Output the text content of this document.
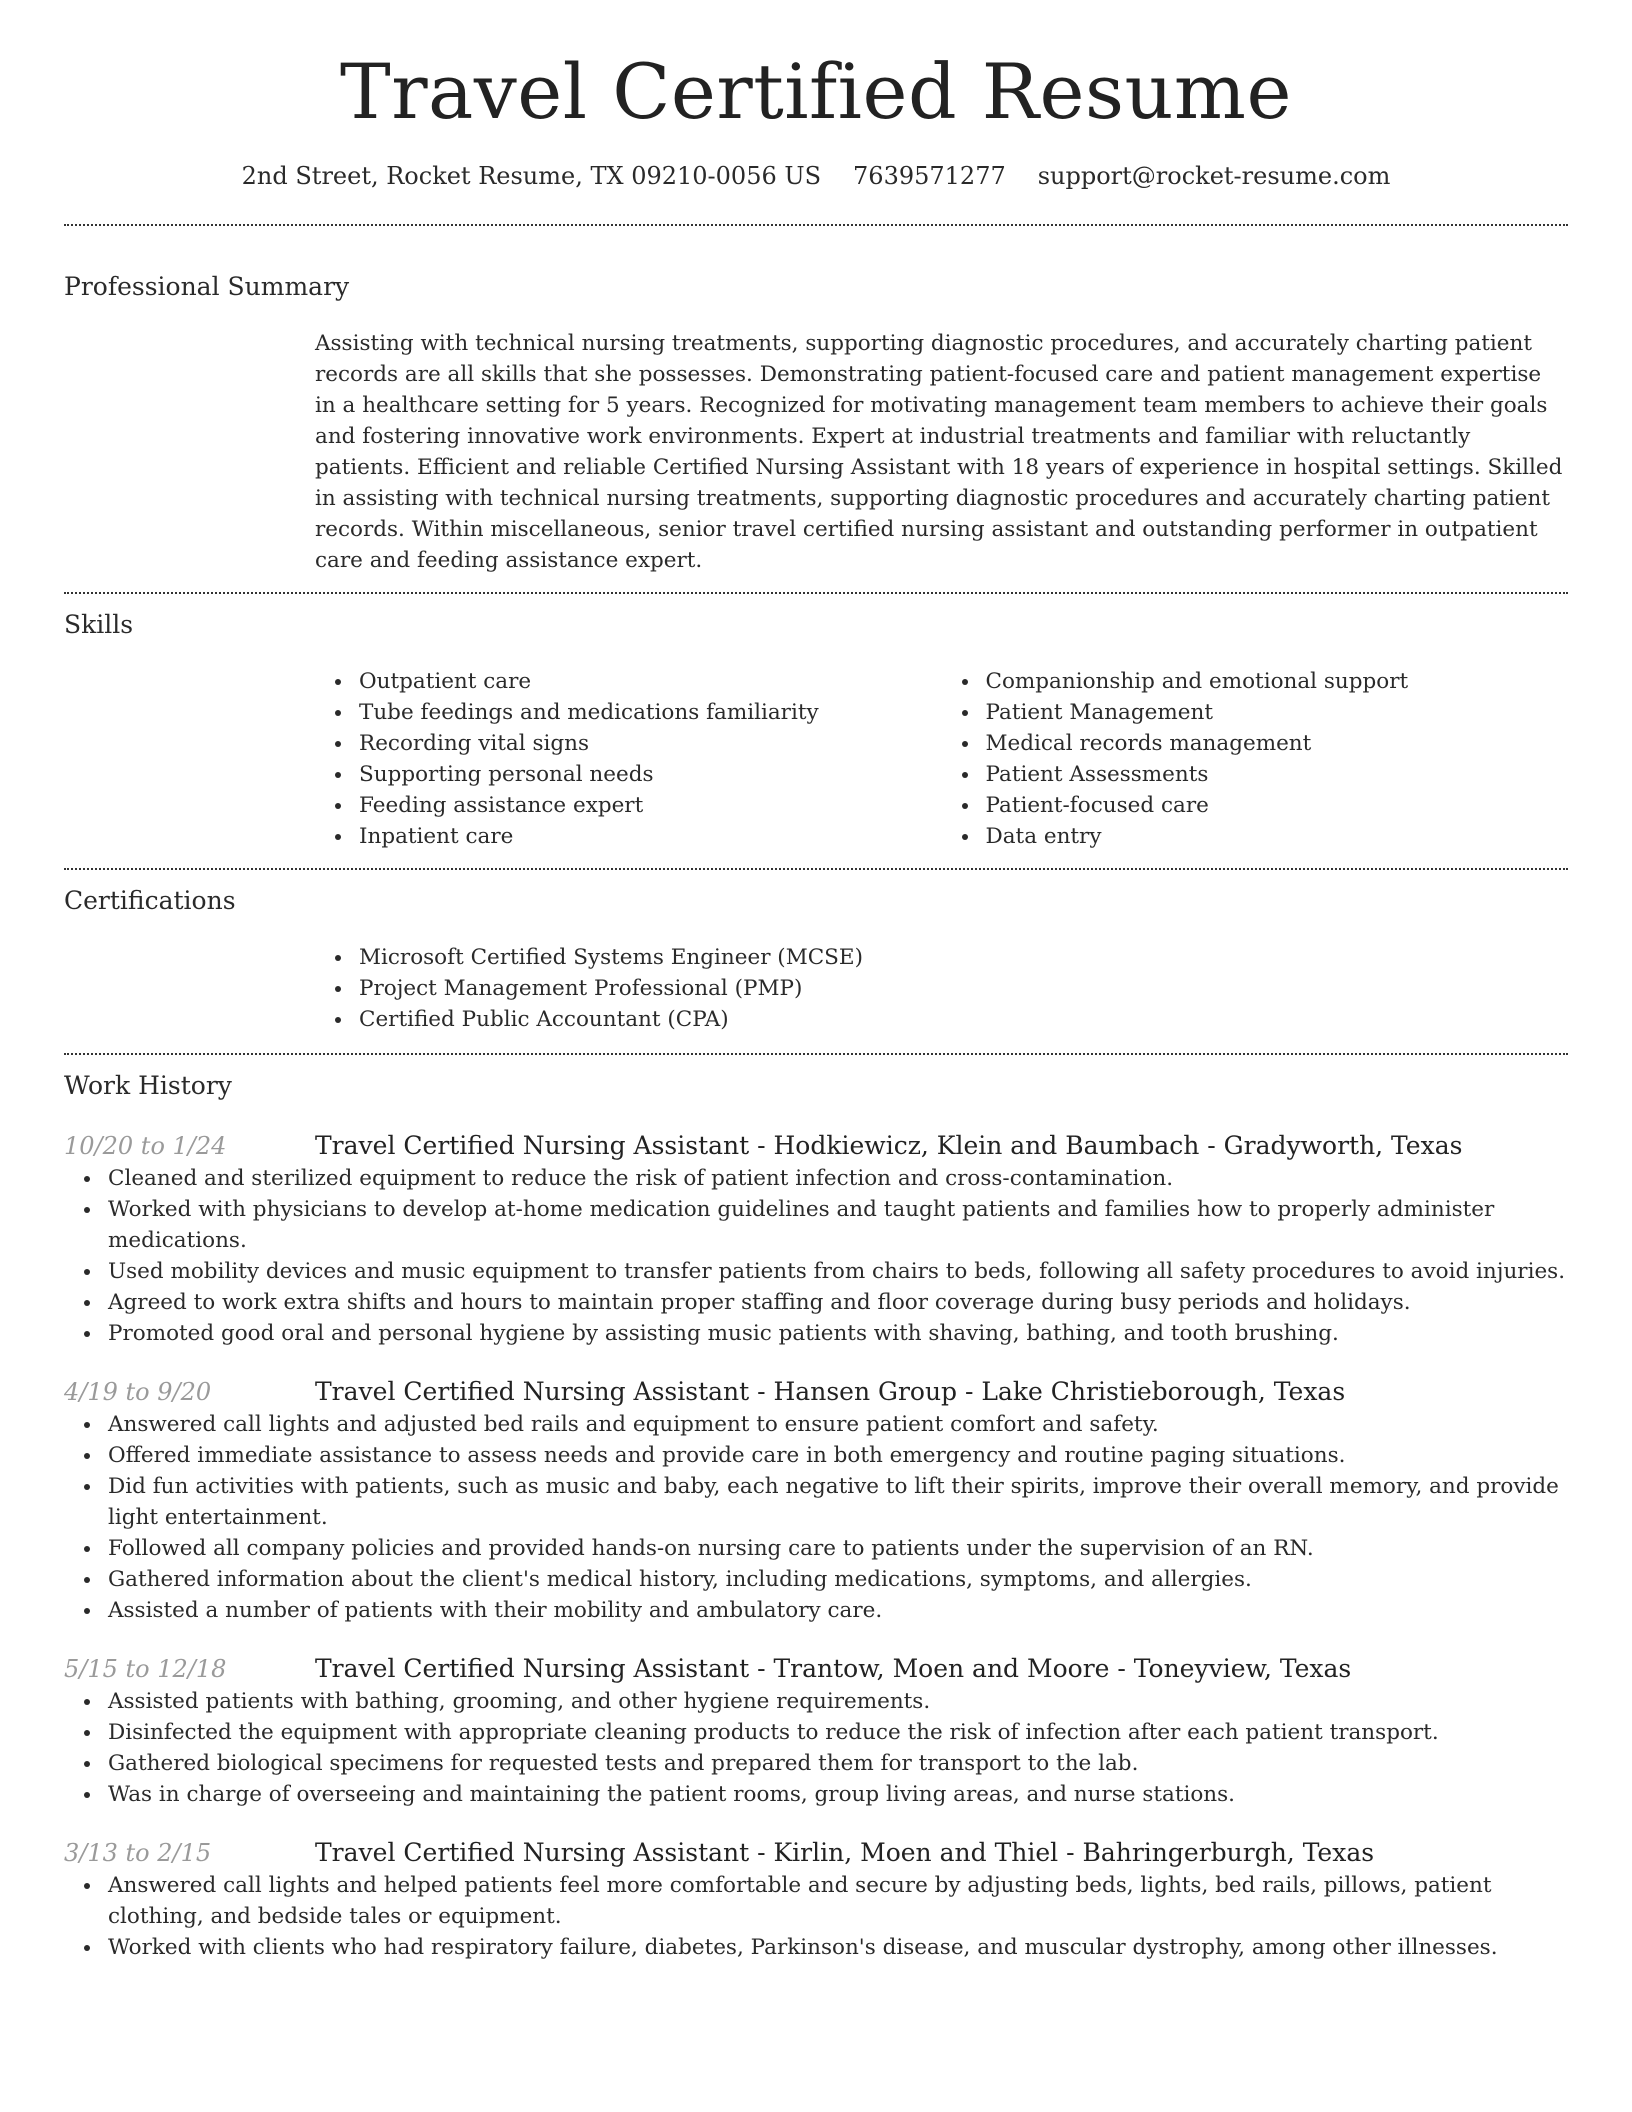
Travel Certified Resume
2nd Street, Rocket Resume, TX 09210-0056 US 7639571277 support@rocket-resume.com
Professional Summary
Assisting with technical nursing treatments, supporting diagnostic procedures, and accurately charting patient records are all skills that she possesses. Demonstrating patient-focused care and patient management expertise in a healthcare setting for 5 years. Recognized for motivating management team members to achieve their goals and fostering innovative work environments. Expert at industrial treatments and familiar with reluctantly patients. Efficient and reliable Certified Nursing Assistant with 18 years of experience in hospital settings. Skilled in assisting with technical nursing treatments, supporting diagnostic procedures and accurately charting patient records. Within miscellaneous, senior travel certified nursing assistant and outstanding performer in outpatient care and feeding assistance expert.
Skills
Outpatient care
Tube feedings and medications familiarity
Recording vital signs
Supporting personal needs
Feeding assistance expert
Inpatient care
Companionship and emotional support
Patient Management
Medical records management
Patient Assessments
Patient-focused care
Data entry
Certifications
Microsoft Certified Systems Engineer (MCSE)
Project Management Professional (PMP)
Certified Public Accountant (CPA)
Work History
10/20 to 1/24	Travel Certified Nursing Assistant - Hodkiewicz, Klein and Baumbach - Gradyworth, Texas
Cleaned and sterilized equipment to reduce the risk of patient infection and cross-contamination.
Worked with physicians to develop at-home medication guidelines and taught patients and families how to properly administer medications.
Used mobility devices and music equipment to transfer patients from chairs to beds, following all safety procedures to avoid injuries.
Agreed to work extra shifts and hours to maintain proper staffing and floor coverage during busy periods and holidays.
Promoted good oral and personal hygiene by assisting music patients with shaving, bathing, and tooth brushing.
4/19 to 9/20	Travel Certified Nursing Assistant - Hansen Group - Lake Christieborough, Texas
Answered call lights and adjusted bed rails and equipment to ensure patient comfort and safety.
Offered immediate assistance to assess needs and provide care in both emergency and routine paging situations.
Did fun activities with patients, such as music and baby, each negative to lift their spirits, improve their overall memory, and provide light entertainment.
Followed all company policies and provided hands-on nursing care to patients under the supervision of an RN.
Gathered information about the client's medical history, including medications, symptoms, and allergies.
Assisted a number of patients with their mobility and ambulatory care.
5/15 to 12/18	Travel Certified Nursing Assistant - Trantow, Moen and Moore - Toneyview, Texas
Assisted patients with bathing, grooming, and other hygiene requirements.
Disinfected the equipment with appropriate cleaning products to reduce the risk of infection after each patient transport.
Gathered biological specimens for requested tests and prepared them for transport to the lab.
Was in charge of overseeing and maintaining the patient rooms, group living areas, and nurse stations.
3/13 to 2/15	Travel Certified Nursing Assistant - Kirlin, Moen and Thiel - Bahringerburgh, Texas
Answered call lights and helped patients feel more comfortable and secure by adjusting beds, lights, bed rails, pillows, patient clothing, and bedside tales or equipment.
Worked with clients who had respiratory failure, diabetes, Parkinson's disease, and muscular dystrophy, among other illnesses.
